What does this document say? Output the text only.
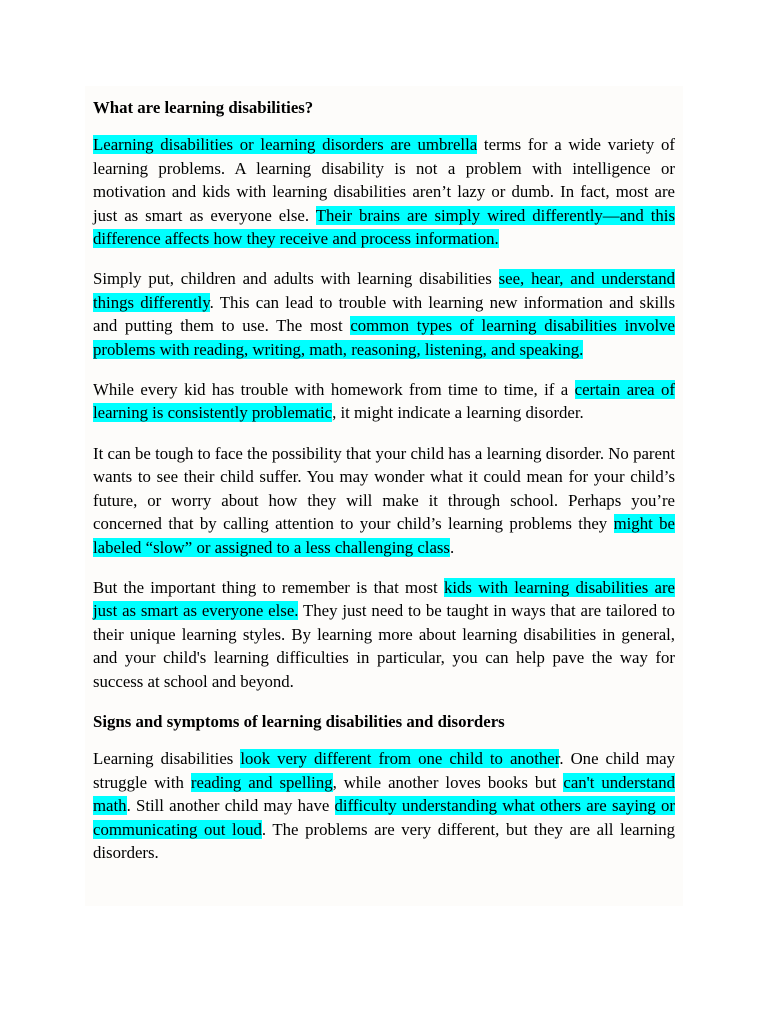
What are learning disabilities?

Learning disabilities or learning disorders are umbrella terms for a wide variety of learning problems. A learning disability is not a problem with intelligence or motivation and kids with learning disabilities aren’t lazy or dumb. In fact, most are just as smart as everyone else. Their brains are simply wired differently—and this difference affects how they receive and process information.

Simply put, children and adults with learning disabilities see, hear, and understand things differently. This can lead to trouble with learning new information and skills and putting them to use. The most common types of learning disabilities involve problems with reading, writing, math, reasoning, listening, and speaking.

While every kid has trouble with homework from time to time, if a certain area of learning is consistently problematic, it might indicate a learning disorder.

It can be tough to face the possibility that your child has a learning disorder. No parent wants to see their child suffer. You may wonder what it could mean for your child’s future, or worry about how they will make it through school. Perhaps you’re concerned that by calling attention to your child’s learning problems they might be labeled “slow” or assigned to a less challenging class.

But the important thing to remember is that most kids with learning disabilities are just as smart as everyone else. They just need to be taught in ways that are tailored to their unique learning styles. By learning more about learning disabilities in general, and your child's learning difficulties in particular, you can help pave the way for success at school and beyond.

Signs and symptoms of learning disabilities and disorders

Learning disabilities look very different from one child to another. One child may struggle with reading and spelling, while another loves books but can't understand math. Still another child may have difficulty understanding what others are saying or communicating out loud. The problems are very different, but they are all learning disorders.
